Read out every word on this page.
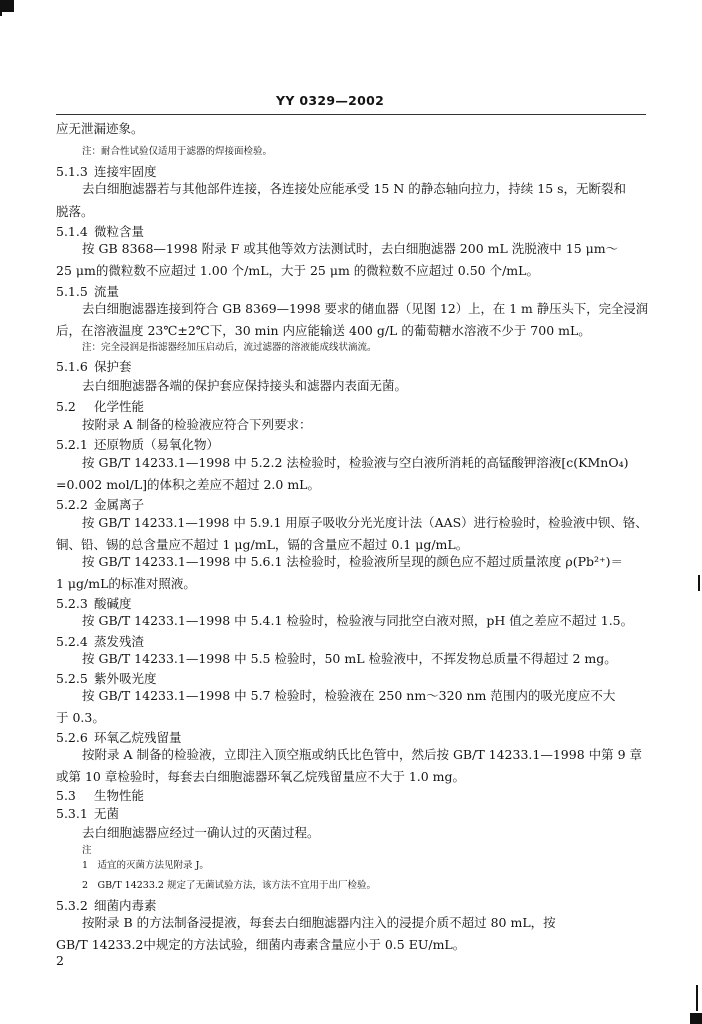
YY 0329—2002
应无泄漏迹象。
注：耐合性试验仅适用于滤器的焊接面检验。
5.1.3 连接牢固度
去白细胞滤器若与其他部件连接，各连接处应能承受 15 N 的静态轴向拉力，持续 15 s，无断裂和
脱落。
5.1.4 微粒含量
按 GB 8368—1998 附录 F 或其他等效方法测试时，去白细胞滤器 200 mL 洗脱液中 15 μm～
25 μm的微粒数不应超过 1.00 个/mL，大于 25 μm 的微粒数不应超过 0.50 个/mL。
5.1.5 流量
去白细胞滤器连接到符合 GB 8369—1998 要求的储血器（见图 12）上，在 1 m 静压头下，完全浸润
后，在溶液温度 23℃±2℃下，30 min 内应能输送 400 g/L 的葡萄糖水溶液不少于 700 mL。
注：完全浸润是指滤器经加压启动后，流过滤器的溶液能成线状滴流。
5.1.6 保护套
去白细胞滤器各端的保护套应保持接头和滤器内表面无菌。
5.2 化学性能
按附录 A 制备的检验液应符合下列要求：
5.2.1 还原物质（易氧化物）
按 GB/T 14233.1—1998 中 5.2.2 法检验时，检验液与空白液所消耗的高锰酸钾溶液[c(KMnO₄)
=0.002 mol/L]的体积之差应不超过 2.0 mL。
5.2.2 金属离子
按 GB/T 14233.1—1998 中 5.9.1 用原子吸收分光光度计法（AAS）进行检验时，检验液中钡、铬、
铜、铅、锡的总含量应不超过 1 μg/mL，镉的含量应不超过 0.1 μg/mL。
按 GB/T 14233.1—1998 中 5.6.1 法检验时，检验液所呈现的颜色应不超过质量浓度 ρ(Pb²⁺)＝
1 μg/mL的标准对照液。
5.2.3 酸碱度
按 GB/T 14233.1—1998 中 5.4.1 检验时，检验液与同批空白液对照，pH 值之差应不超过 1.5。
5.2.4 蒸发残渣
按 GB/T 14233.1—1998 中 5.5 检验时，50 mL 检验液中，不挥发物总质量不得超过 2 mg。
5.2.5 紫外吸光度
按 GB/T 14233.1—1998 中 5.7 检验时，检验液在 250 nm～320 nm 范围内的吸光度应不大
于 0.3。
5.2.6 环氧乙烷残留量
按附录 A 制备的检验液，立即注入顶空瓶或纳氏比色管中，然后按 GB/T 14233.1—1998 中第 9 章
或第 10 章检验时，每套去白细胞滤器环氧乙烷残留量应不大于 1.0 mg。
5.3 生物性能
5.3.1 无菌
去白细胞滤器应经过一确认过的灭菌过程。
注
1　适宜的灭菌方法见附录 J。
2　GB/T 14233.2 规定了无菌试验方法，该方法不宜用于出厂检验。
5.3.2 细菌内毒素
按附录 B 的方法制备浸提液，每套去白细胞滤器内注入的浸提介质不超过 80 mL，按
GB/T 14233.2中规定的方法试验，细菌内毒素含量应小于 0.5 EU/mL。
2
